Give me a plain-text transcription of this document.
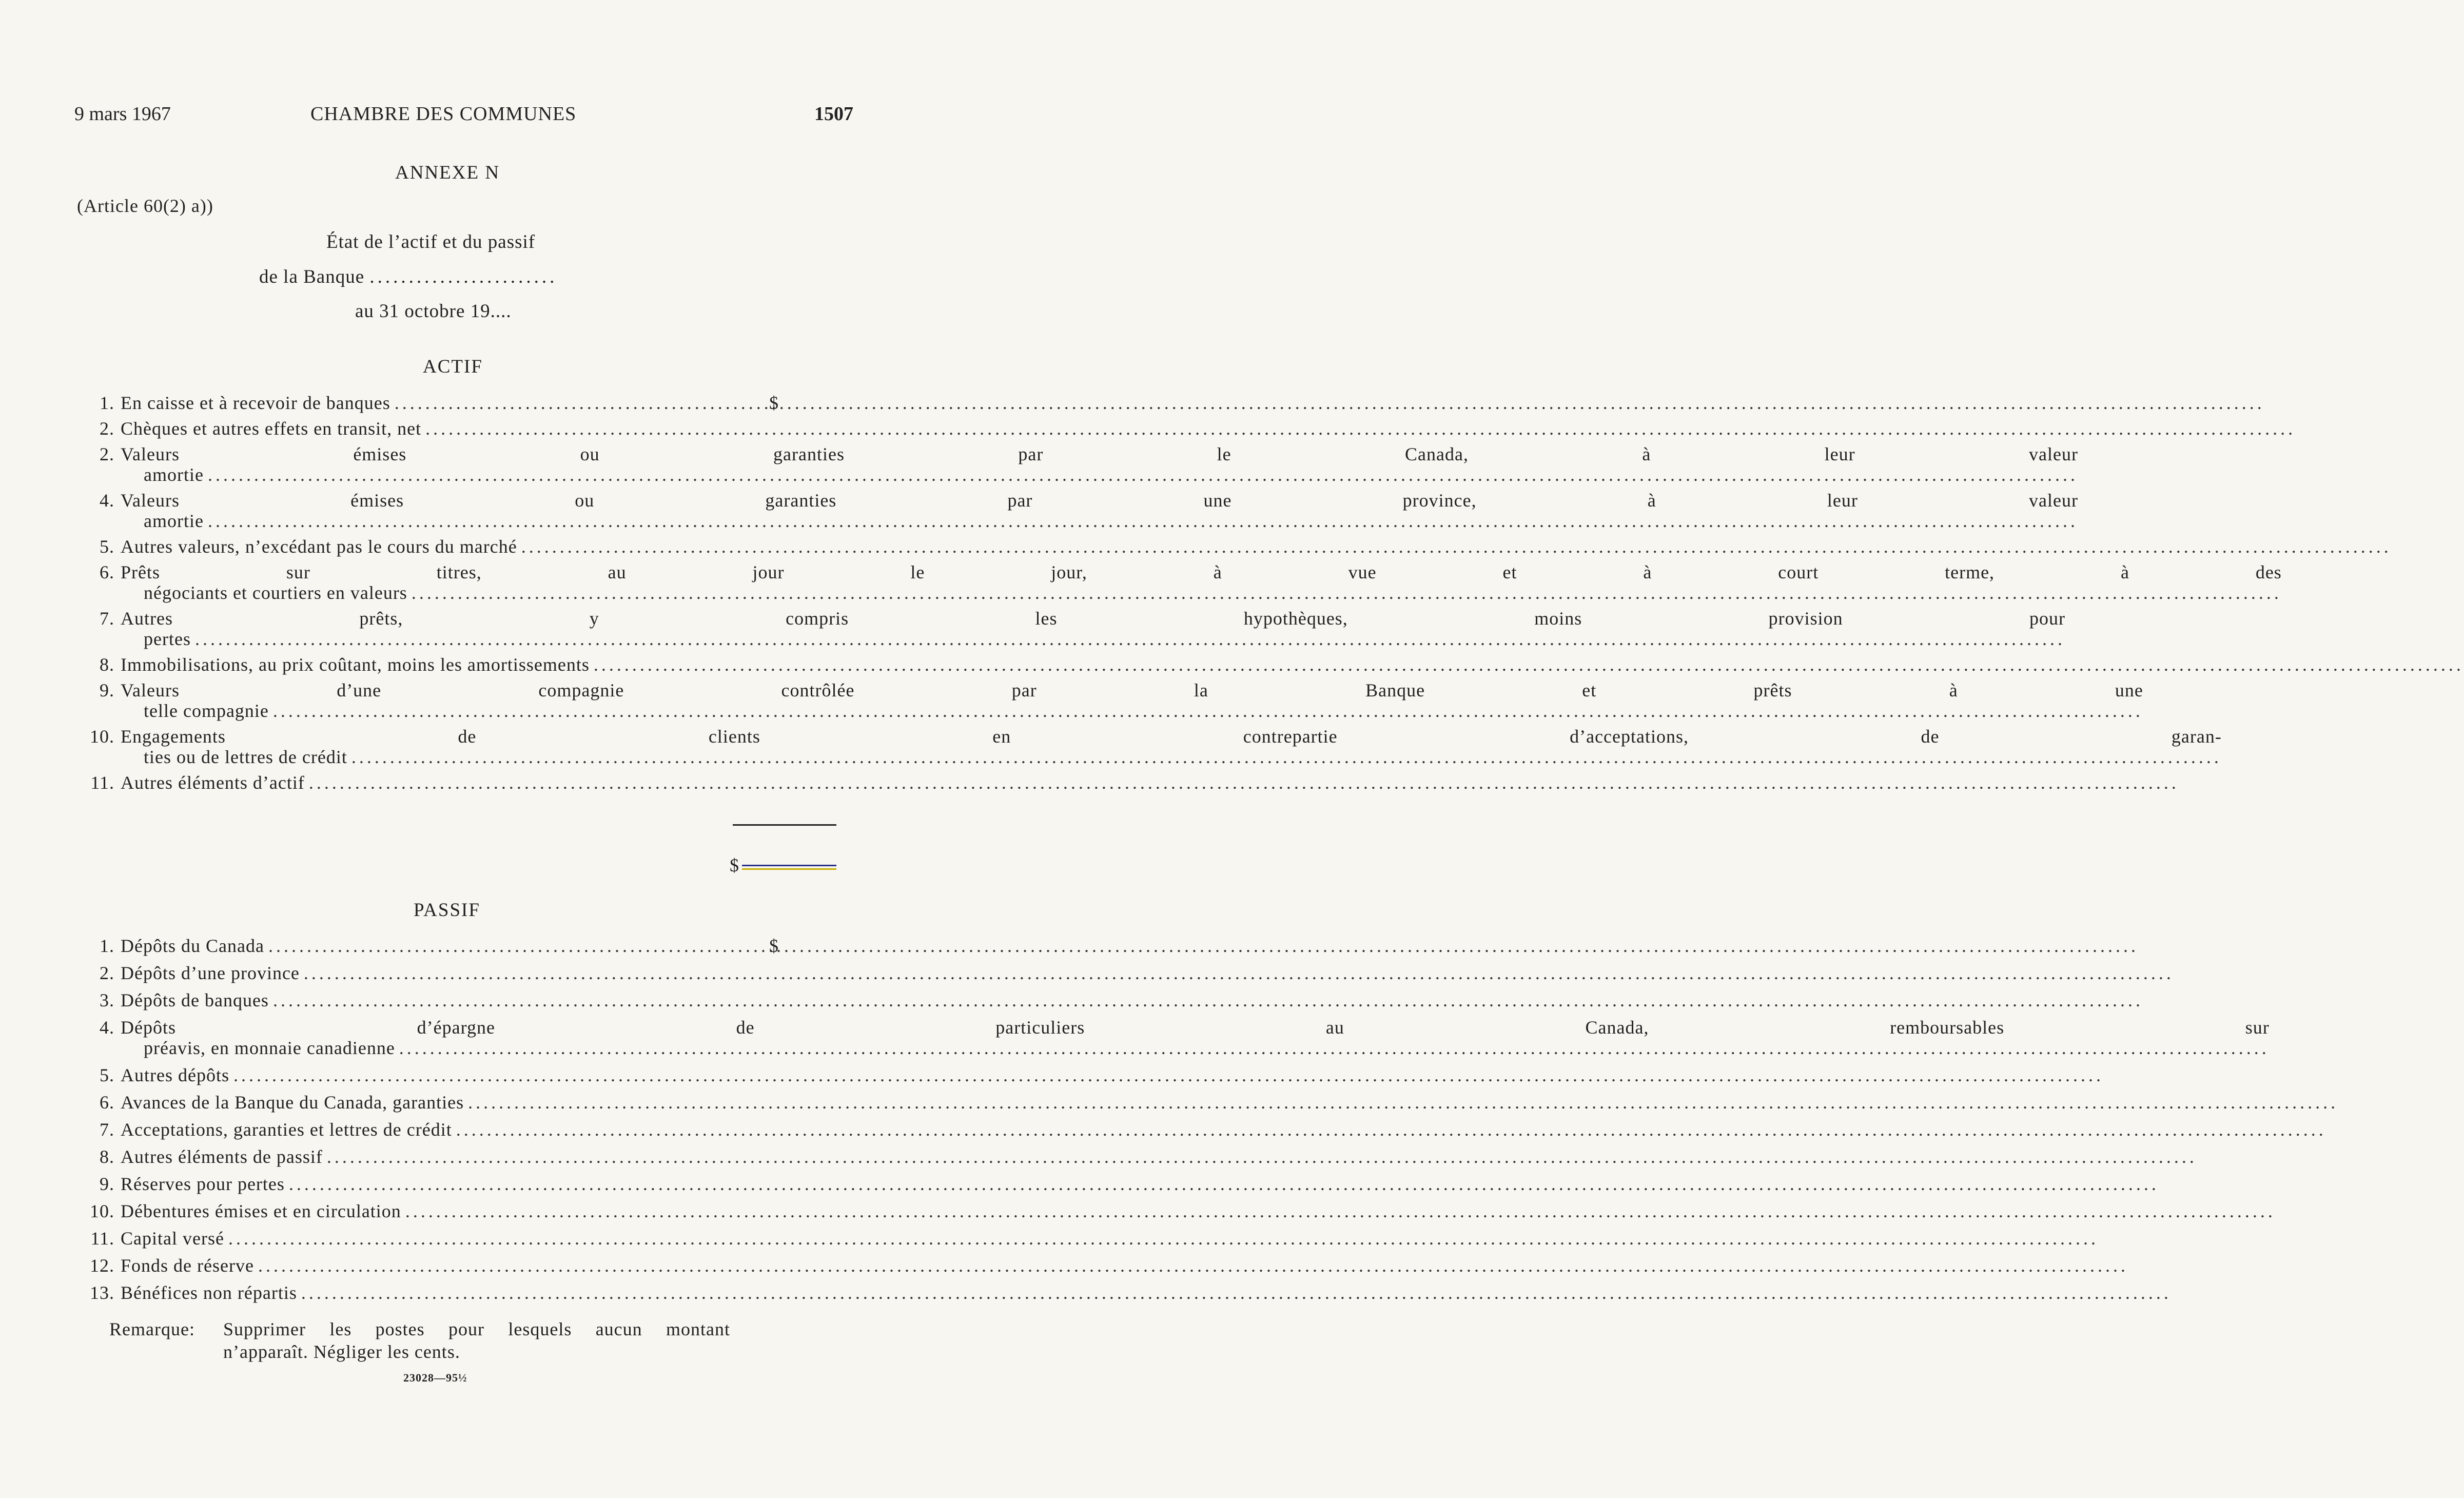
9 mars 1967	CHAMBRE DES COMMUNES	1507
ANNEXE N
(Article 60(2) a))
État de l’actif et du passif
de la Banque ........................
au 31 octobre 19....
ACTIF
1. En caisse et à recevoir de banques .....	$
2. Chèques et autres effets en transit, net
.....
2. Valeurs émises ou garanties par le Canada, à leur valeur
amortie
.....
4. Valeurs émises ou garanties par une province, à leur valeur
amortie
.....
5. Autres valeurs, n’excédant pas le cours du marché
.....
6. Prêts sur titres, au jour le jour, à vue et à court terme, à des
négociants et courtiers en valeurs
.....
7. Autres prêts, y compris les hypothèques, moins provision pour
pertes
.....
8. Immobilisations, au prix coûtant, moins les amortissements
.....
9. Valeurs d’une compagnie contrôlée par la Banque et prêts à une
telle compagnie
.....
10. Engagements de clients en contrepartie d’acceptations, de garan-
ties ou de lettres de crédit
.....
11. Autres éléments d’actif
.....
$
PASSIF
1. Dépôts du Canada .....	$
2. Dépôts d’une province
.....
3. Dépôts de banques
.....
4. Dépôts d’épargne de particuliers au Canada, remboursables sur
préavis, en monnaie canadienne
.....
5. Autres dépôts
.....
6. Avances de la Banque du Canada, garanties
.....
7. Acceptations, garanties et lettres de crédit
.....
8. Autres éléments de passif
.....
9. Réserves pour pertes
.....
10. Débentures émises et en circulation
.....
11. Capital versé
.....
12. Fonds de réserve
.....
13. Bénéfices non répartis
.....
Remarque: Supprimer les postes pour lesquels aucun montant
n’apparaît. Négliger les cents.
23028—95½
